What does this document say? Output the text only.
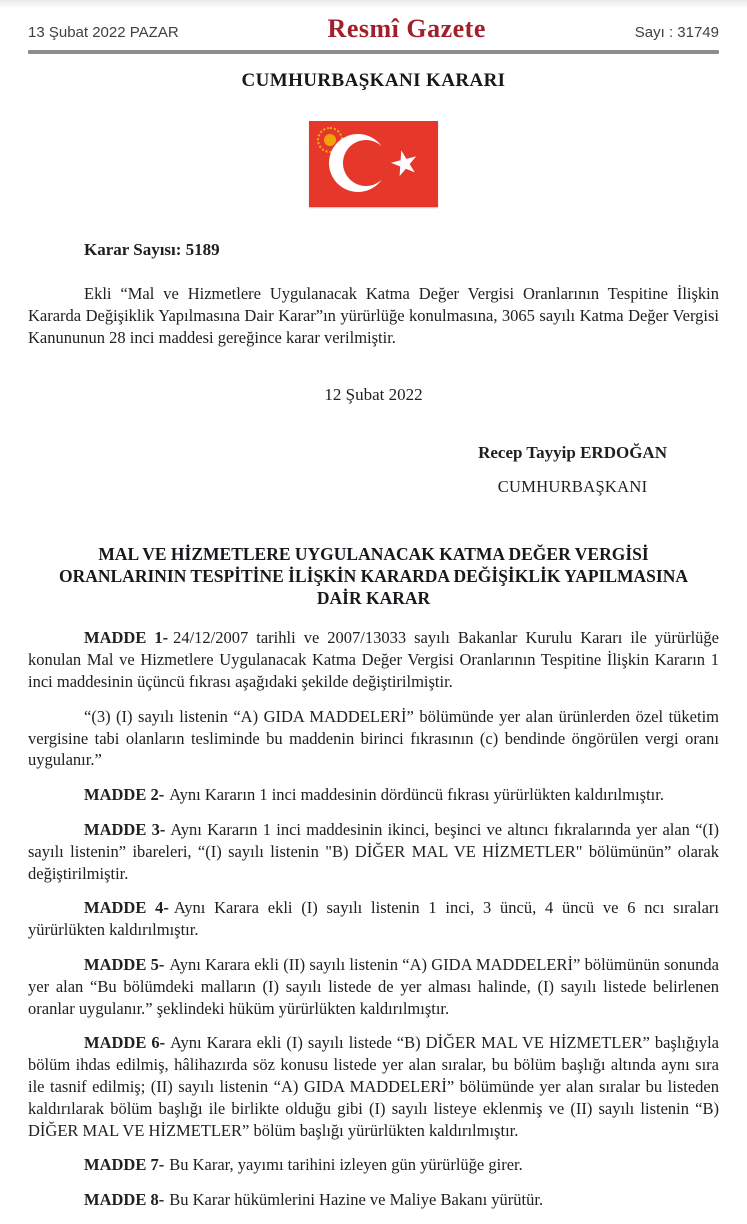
13 Şubat 2022 PAZAR	Resmî Gazete	Sayı : 31749
CUMHURBAŞKANI KARARI
Karar Sayısı: 5189

Ekli “Mal ve Hizmetlere Uygulanacak Katma Değer Vergisi Oranlarının Tespitine İlişkin Kararda Değişiklik Yapılmasına Dair Karar”ın yürürlüğe konulmasına, 3065 sayılı Katma Değer Vergisi Kanununun 28 inci maddesi gereğince karar verilmiştir.

12 Şubat 2022
Recep Tayyip ERDOĞAN
CUMHURBAŞKANI
MAL VE HİZMETLERE UYGULANACAK KATMA DEĞER VERGİSİ
ORANLARININ TESPİTİNE İLİŞKİN KARARDA DEĞİŞİKLİK YAPILMASINA
DAİR KARAR

MADDE 1- 24/12/2007 tarihli ve 2007/13033 sayılı Bakanlar Kurulu Kararı ile yürürlüğe konulan Mal ve Hizmetlere Uygulanacak Katma Değer Vergisi Oranlarının Tespitine İlişkin Kararın 1 inci maddesinin üçüncü fıkrası aşağıdaki şekilde değiştirilmiştir.

“(3) (I) sayılı listenin “A) GIDA MADDELERİ” bölümünde yer alan ürünlerden özel tüketim vergisine tabi olanların tesliminde bu maddenin birinci fıkrasının (c) bendinde öngörülen vergi oranı uygulanır.”

MADDE 2- Aynı Kararın 1 inci maddesinin dördüncü fıkrası yürürlükten kaldırılmıştır.

MADDE 3- Aynı Kararın 1 inci maddesinin ikinci, beşinci ve altıncı fıkralarında yer alan “(I) sayılı listenin” ibareleri, “(I) sayılı listenin "B) DİĞER MAL VE HİZMETLER" bölümünün” olarak değiştirilmiştir.

MADDE 4- Aynı Karara ekli (I) sayılı listenin 1 inci, 3 üncü, 4 üncü ve 6 ncı sıraları yürürlükten kaldırılmıştır.

MADDE 5- Aynı Karara ekli (II) sayılı listenin “A) GIDA MADDELERİ” bölümünün sonunda yer alan “Bu bölümdeki malların (I) sayılı listede de yer alması halinde, (I) sayılı listede belirlenen oranlar uygulanır.” şeklindeki hüküm yürürlükten kaldırılmıştır.

MADDE 6- Aynı Karara ekli (I) sayılı listede “B) DİĞER MAL VE HİZMETLER” başlığıyla bölüm ihdas edilmiş, hâlihazırda söz konusu listede yer alan sıralar, bu bölüm başlığı altında aynı sıra ile tasnif edilmiş; (II) sayılı listenin “A) GIDA MADDELERİ” bölümünde yer alan sıralar bu listeden kaldırılarak bölüm başlığı ile birlikte olduğu gibi (I) sayılı listeye eklenmiş ve (II) sayılı listenin “B) DİĞER MAL VE HİZMETLER” bölüm başlığı yürürlükten kaldırılmıştır.

MADDE 7- Bu Karar, yayımı tarihini izleyen gün yürürlüğe girer.

MADDE 8- Bu Karar hükümlerini Hazine ve Maliye Bakanı yürütür.
